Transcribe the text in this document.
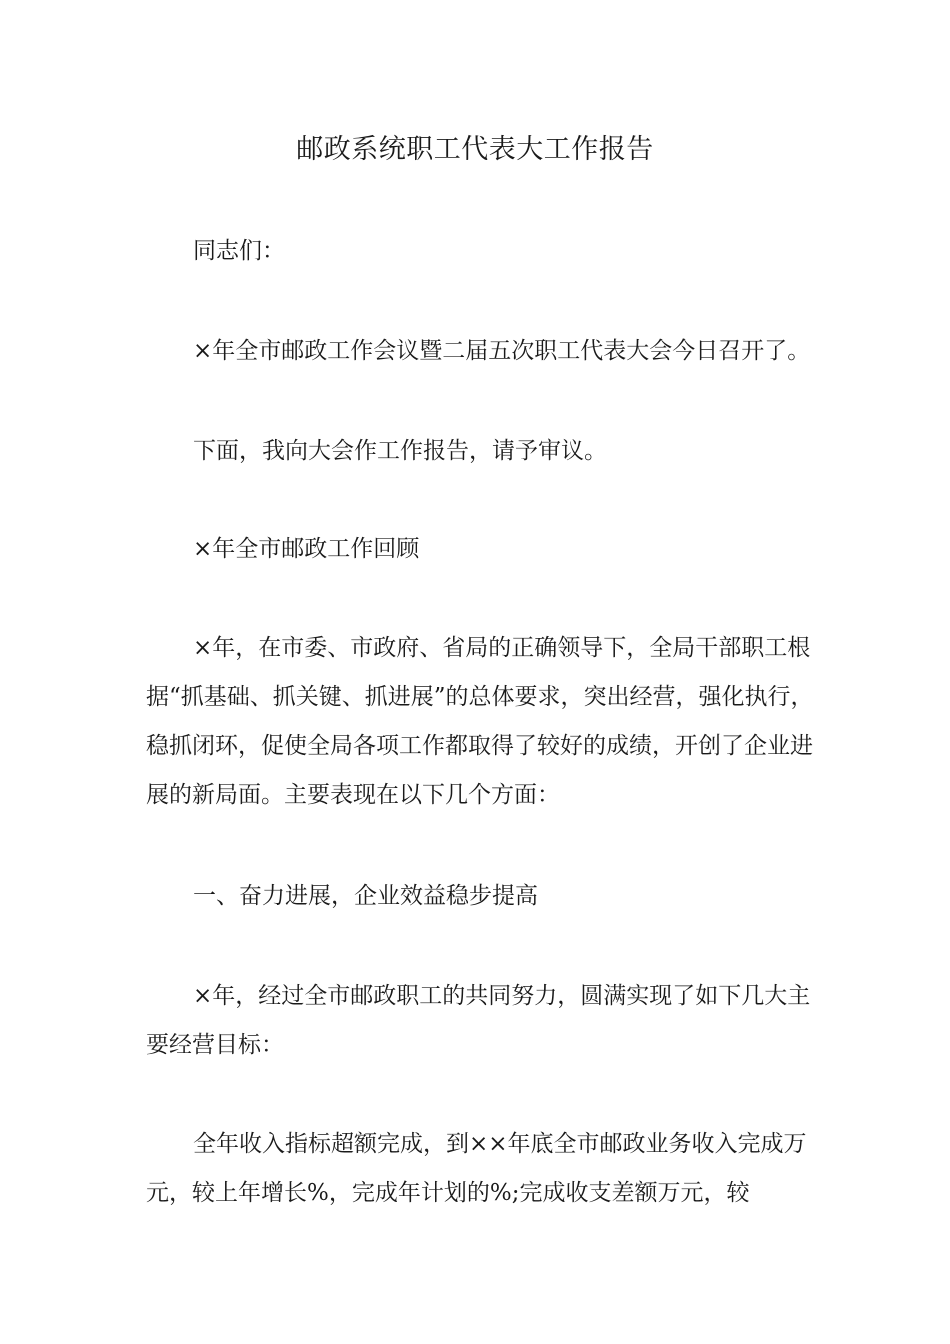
邮政系统职工代表大工作报告

同志们：

×年全市邮政工作会议暨二届五次职工代表大会今日召开了。

下面，我向大会作工作报告，请予审议。

×年全市邮政工作回顾

×年，在市委、市政府、省局的正确领导下，全局干部职工根据“抓基础、抓关键、抓进展”的总体要求，突出经营，强化执行，稳抓闭环，促使全局各项工作都取得了较好的成绩，开创了企业进展的新局面。主要表现在以下几个方面：

一、奋力进展，企业效益稳步提高

×年，经过全市邮政职工的共同努力，圆满实现了如下几大主要经营目标：

全年收入指标超额完成，到××年底全市邮政业务收入完成万元，较上年增长%，完成年计划的%;完成收支差额万元，较
